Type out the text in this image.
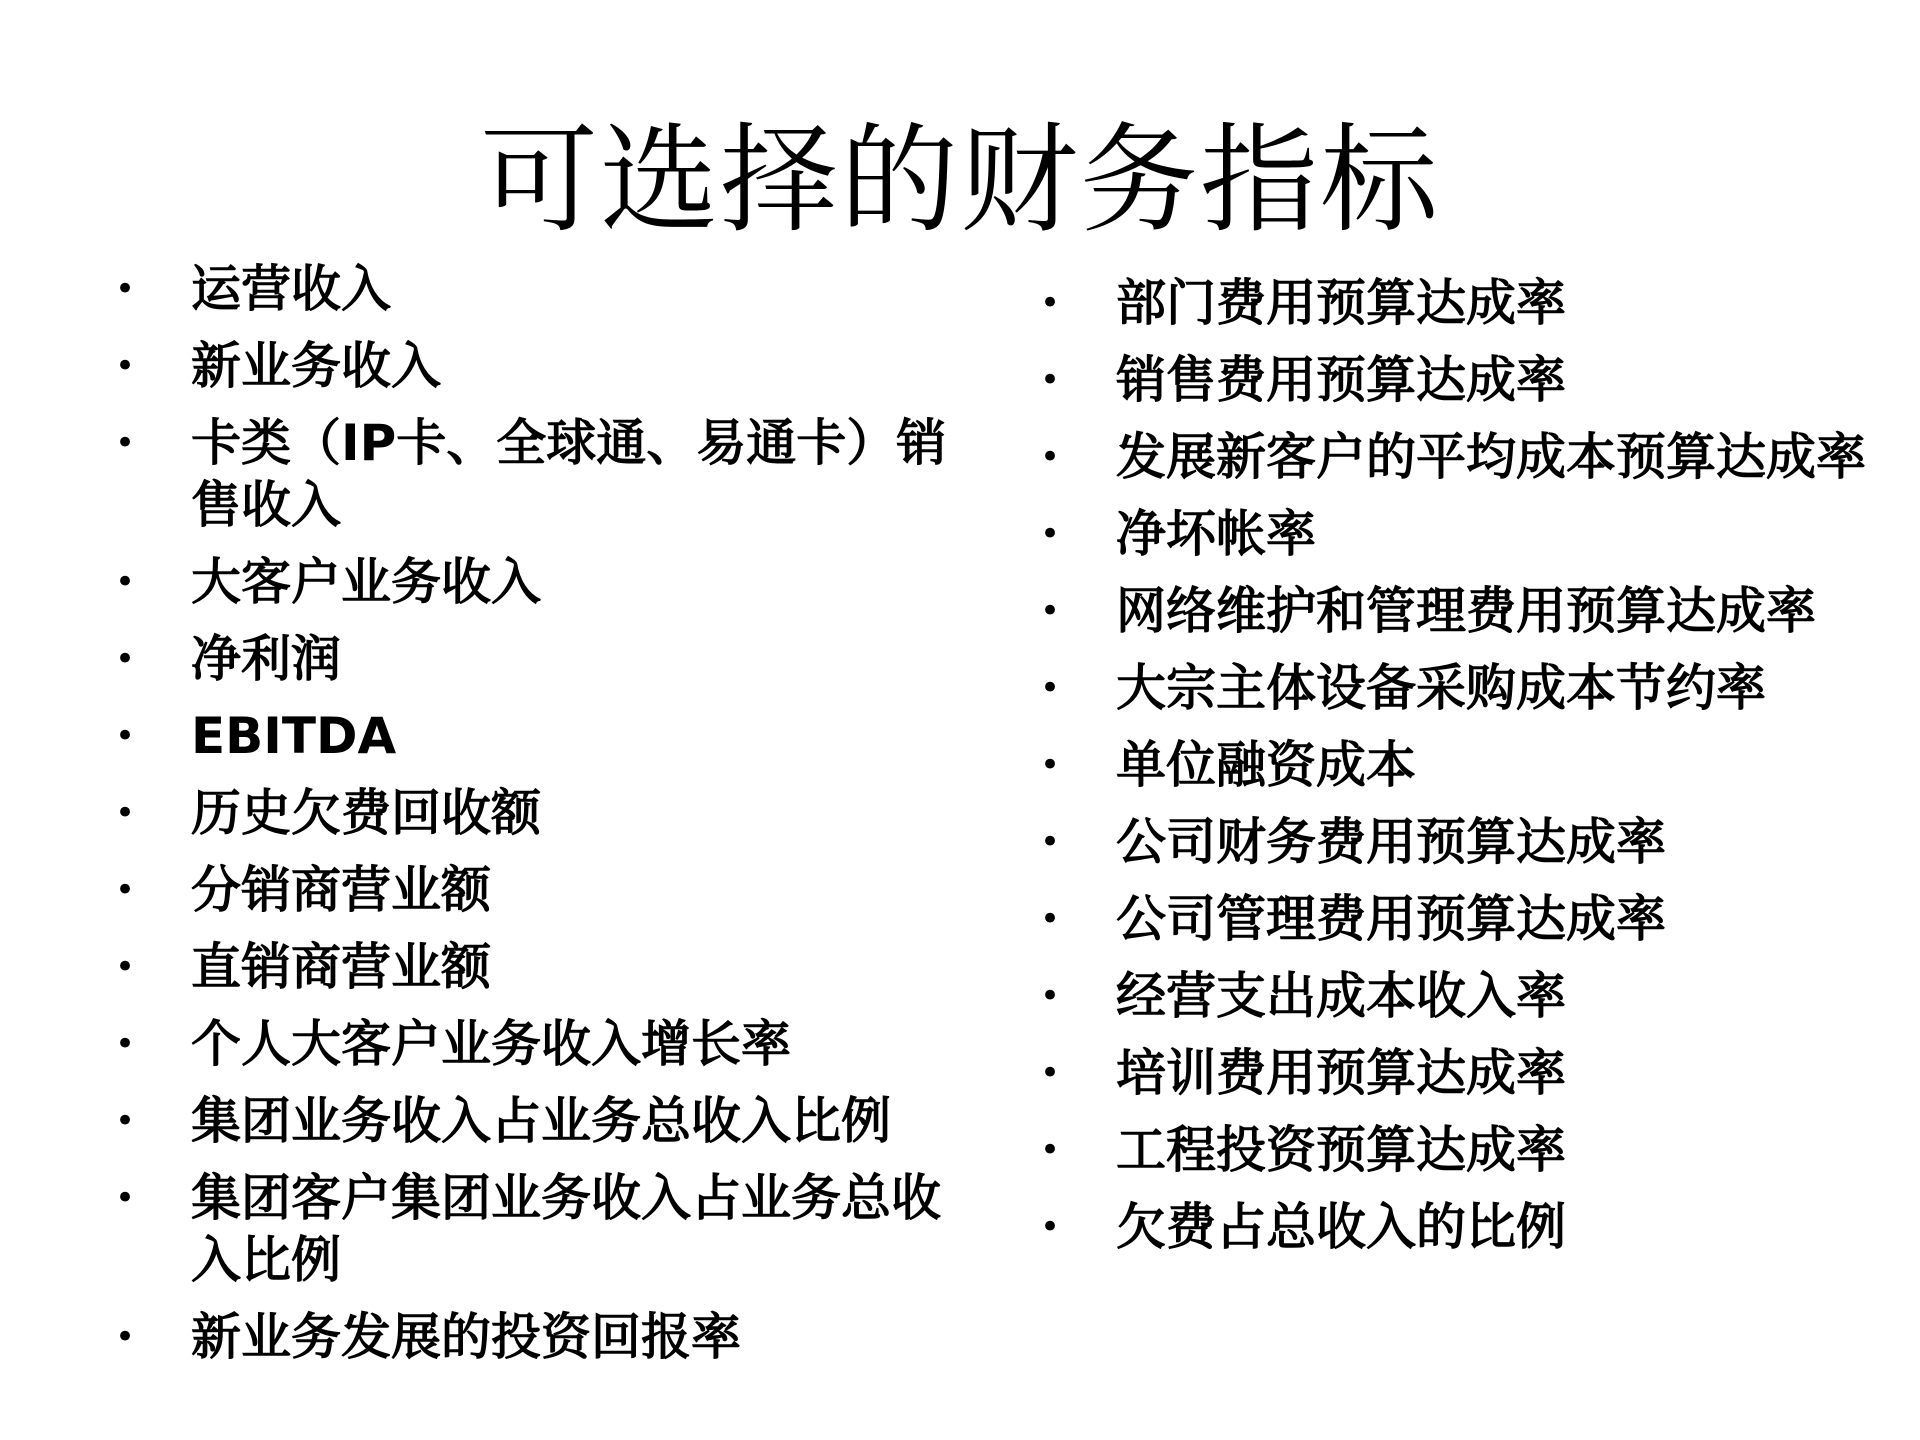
可选择的财务指标
• 运营收入
• 新业务收入
• 卡类（IP卡、全球通、易通卡）销售收入
• 大客户业务收入
• 净利润
• EBITDA
• 历史欠费回收额
• 分销商营业额
• 直销商营业额
• 个人大客户业务收入增长率
• 集团业务收入占业务总收入比例
• 集团客户集团业务收入占业务总收入比例
• 新业务发展的投资回报率
• 部门费用预算达成率
• 销售费用预算达成率
• 发展新客户的平均成本预算达成率
• 净坏帐率
• 网络维护和管理费用预算达成率
• 大宗主体设备采购成本节约率
• 单位融资成本
• 公司财务费用预算达成率
• 公司管理费用预算达成率
• 经营支出成本收入率
• 培训费用预算达成率
• 工程投资预算达成率
• 欠费占总收入的比例
